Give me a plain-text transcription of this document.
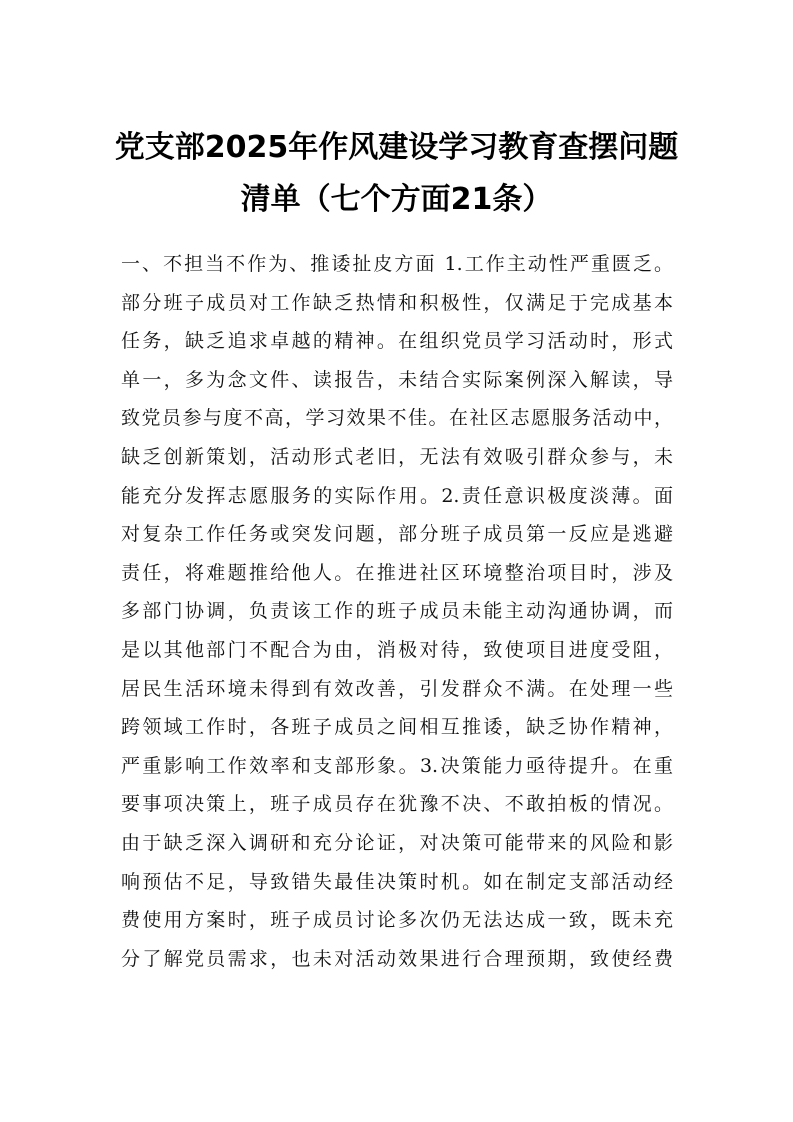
党支部2025年作风建设学习教育查摆问题
清单（七个方面21条）
一、不担当不作为、推诿扯皮方面 1.工作主动性严重匮乏。
部分班子成员对工作缺乏热情和积极性，仅满足于完成基本
任务，缺乏追求卓越的精神。在组织党员学习活动时，形式
单一，多为念文件、读报告，未结合实际案例深入解读，导
致党员参与度不高，学习效果不佳。在社区志愿服务活动中，
缺乏创新策划，活动形式老旧，无法有效吸引群众参与，未
能充分发挥志愿服务的实际作用。2.责任意识极度淡薄。面
对复杂工作任务或突发问题，部分班子成员第一反应是逃避
责任，将难题推给他人。在推进社区环境整治项目时，涉及
多部门协调，负责该工作的班子成员未能主动沟通协调，而
是以其他部门不配合为由，消极对待，致使项目进度受阻，
居民生活环境未得到有效改善，引发群众不满。在处理一些
跨领域工作时，各班子成员之间相互推诿，缺乏协作精神，
严重影响工作效率和支部形象。3.决策能力亟待提升。在重
要事项决策上，班子成员存在犹豫不决、不敢拍板的情况。
由于缺乏深入调研和充分论证，对决策可能带来的风险和影
响预估不足，导致错失最佳决策时机。如在制定支部活动经
费使用方案时，班子成员讨论多次仍无法达成一致，既未充
分了解党员需求，也未对活动效果进行合理预期，致使经费
